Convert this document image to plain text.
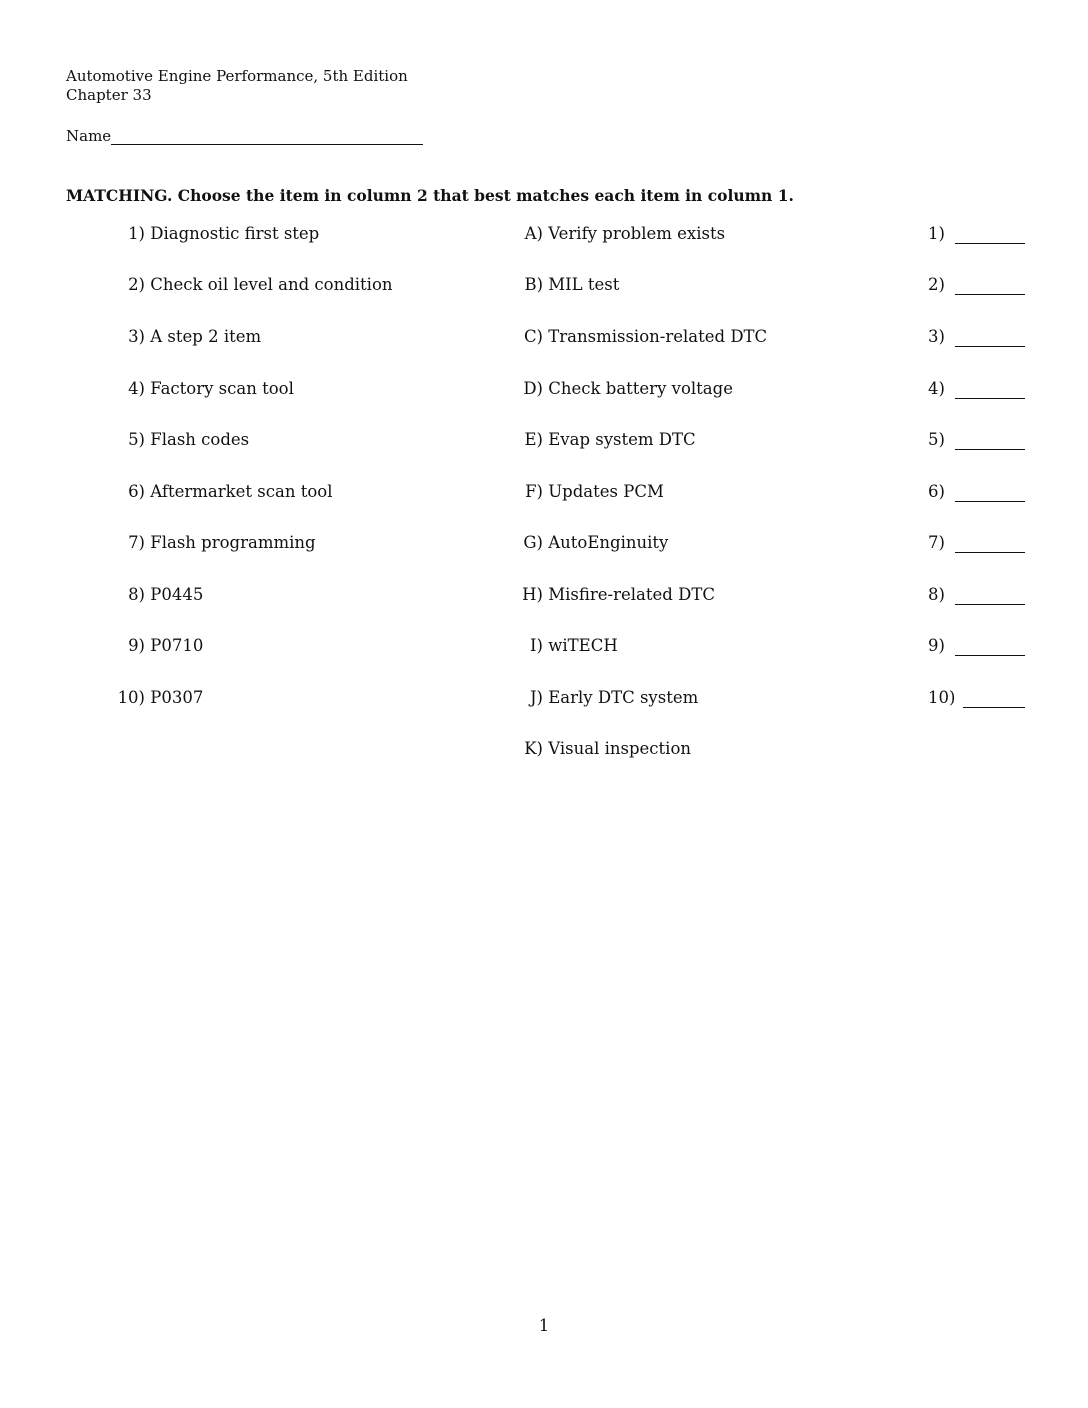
Automotive Engine Performance, 5th Edition
Chapter 33
Name
MATCHING. Choose the item in column 2 that best matches each item in column 1.
1) Diagnostic first step
2) Check oil level and condition
3) A step 2 item
4) Factory scan tool
5) Flash codes
6) Aftermarket scan tool
7) Flash programming
8) P0445
9) P0710
10) P0307
A) Verify problem exists
B) MIL test
C) Transmission-related DTC
D) Check battery voltage
E) Evap system DTC
F) Updates PCM
G) AutoEnginuity
H) Misfire-related DTC
I) wiTECH
J) Early DTC system
K) Visual inspection
1)
2)
3)
4)
5)
6)
7)
8)
9)
10)
1
